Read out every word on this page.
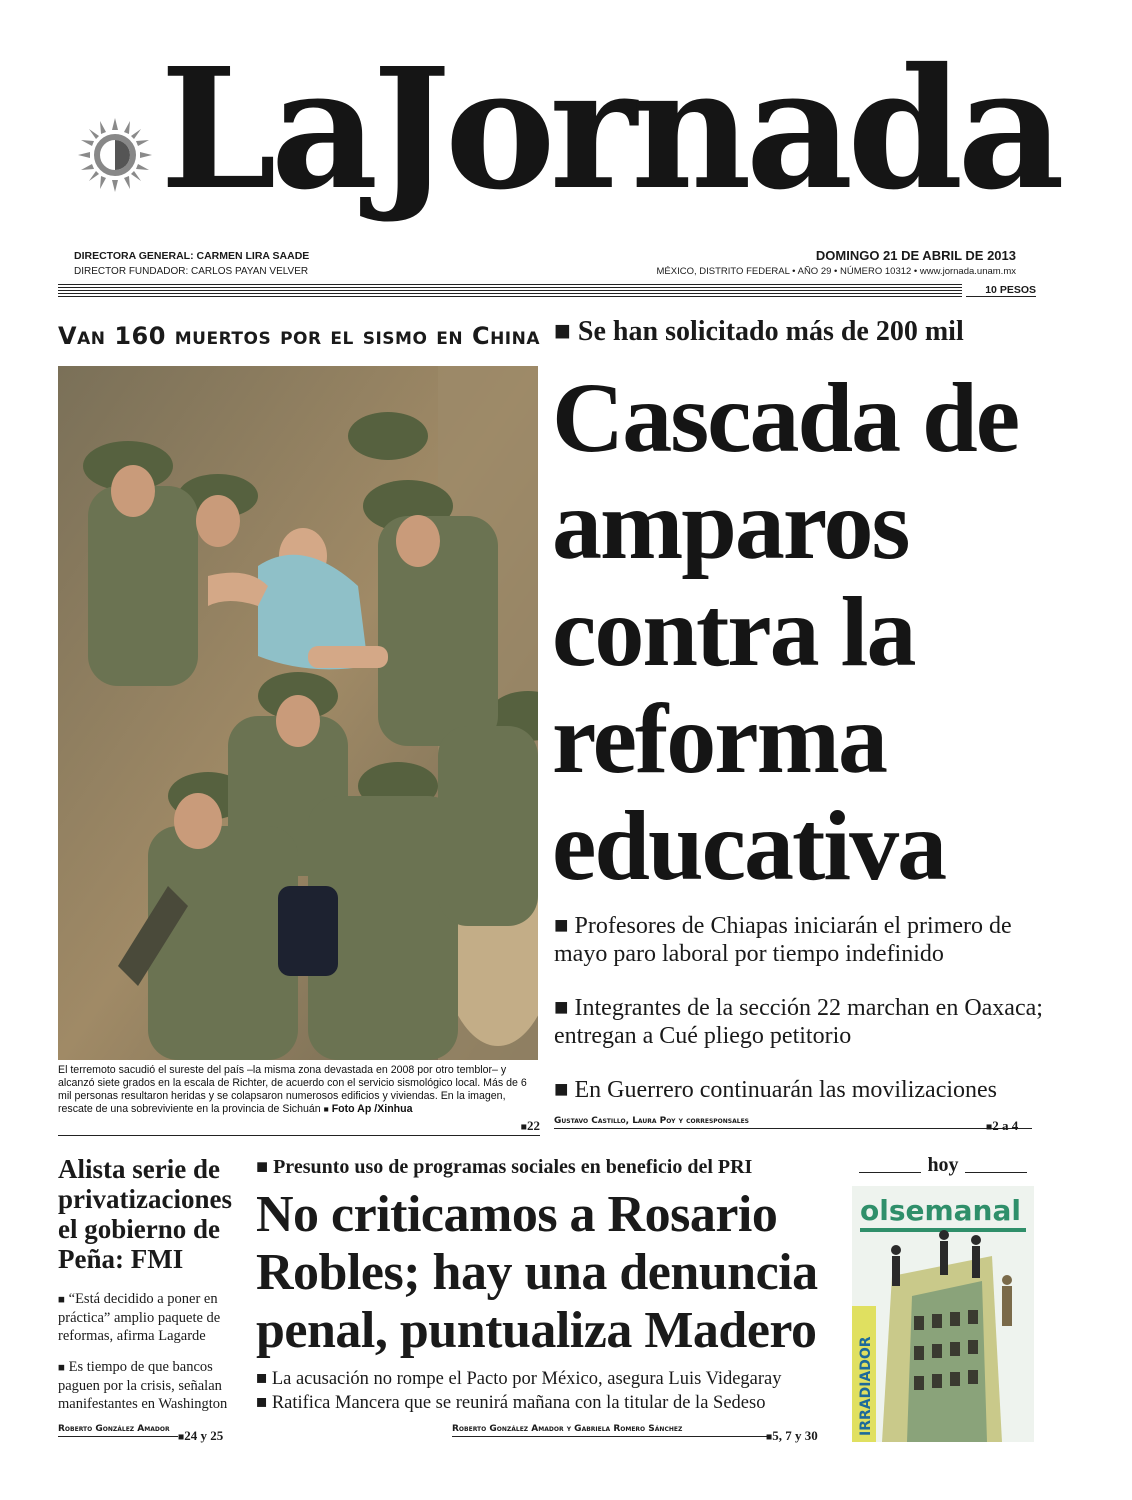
LaJornada
DIRECTORA GENERAL: CARMEN LIRA SAADE
DIRECTOR FUNDADOR: CARLOS PAYAN VELVER
DOMINGO 21 DE ABRIL DE 2013
MÉXICO, DISTRITO FEDERAL • AÑO 29 • NÚMERO 10312 • www.jornada.unam.mx
10 PESOS
Van 160 muertos por el sismo en China
El terremoto sacudió el sureste del país –la misma zona devastada en 2008 por otro temblor– y alcanzó siete grados en la escala de Richter, de acuerdo con el servicio sismológico local. Más de 6 mil personas resultaron heridas y se colapsaron numerosos edificios y viviendas. En la imagen, rescate de una sobreviviente en la provincia de Sichuán ■ Foto Ap /Xinhua
■22
■ Se han solicitado más de 200 mil
Cascada de
amparos
contra la
reforma
educativa
■ Profesores de Chiapas iniciarán el primero de mayo paro laboral por tiempo indefinido
■ Integrantes de la sección 22 marchan en Oaxaca; entregan a Cué pliego petitorio
■ En Guerrero continuarán las movilizaciones
Gustavo Castillo, Laura Poy y corresponsales
■2 a 4
Alista serie de privatizaciones el gobierno de Peña: FMI
■ “Está decidido a poner en práctica” amplio paquete de reformas, afirma Lagarde
■ Es tiempo de que bancos paguen por la crisis, señalan manifestantes en Washington
Roberto González Amador
■24 y 25
■ Presunto uso de programas sociales en beneficio del PRI
No criticamos a Rosario
Robles; hay una denuncia
penal, puntualiza Madero
■ La acusación no rompe el Pacto por México, asegura Luis Videgaray
■ Ratifica Mancera que se reunirá mañana con la titular de la Sedeso
Roberto González Amador y Gabriela Romero Sánchez
■5, 7 y 30
hoy
olsemanal
IRRADIADOR
